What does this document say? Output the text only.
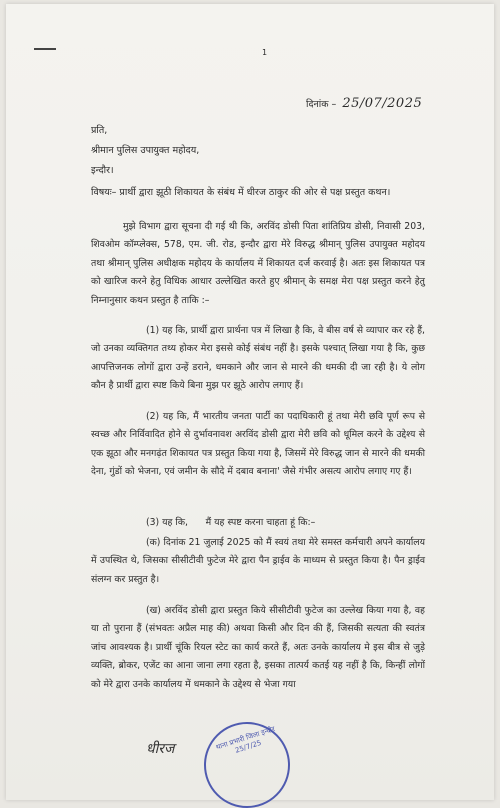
1
दिनांक – 25/07/2025
प्रति,
श्रीमान पुलिस उपायुक्त महोदय,
इन्दौर।
विषयः– प्रार्थी द्वारा झूठी शिकायत के संबंध में धीरज ठाकुर की ओर से पक्ष प्रस्तुत कथन।
मुझे विभाग द्वारा सूचना दी गई थी कि, अरविंद डोसी पिता शांतिप्रिय डोसी, निवासी 203, शिवओम कॉम्प्लेक्स, 578, एम. जी. रोड, इन्दौर द्वारा मेरे विरुद्ध श्रीमान् पुलिस उपायुक्त महोदय तथा श्रीमान् पुलिस अधीक्षक महोदय के कार्यालय में शिकायत दर्ज करवाई है। अतः इस शिकायत पत्र को खारिज करने हेतु विधिक आधार उल्लेखित करते हुए श्रीमान् के समक्ष मेरा पक्ष प्रस्तुत करने हेतु निम्नानुसार कथन प्रस्तुत है ताकि :–
(1) यह कि, प्रार्थी द्वारा प्रार्थना पत्र में लिखा है कि, वे बीस वर्ष से व्यापार कर रहे हैं, जो उनका व्यक्तिगत तथ्य होकर मेरा इससे कोई संबंध नहीं है। इसके पश्चात् लिखा गया है कि, कुछ आपत्तिजनक लोगों द्वारा उन्हें डराने, धमकाने और जान से मारने की धमकी दी जा रही है। ये लोग कौन है प्रार्थी द्वारा स्पष्ट किये बिना मुझ पर झूठे आरोप लगाए हैं।
(2) यह कि, मैं भारतीय जनता पार्टी का पदाधिकारी हूं तथा मेरी छवि पूर्ण रूप से स्वच्छ और निर्विवादित होने से दुर्भावनावश अरविंद डोसी द्वारा मेरी छवि को धूमिल करने के उद्देश्य से एक झूठा और मनगढ़ंत शिकायत पत्र प्रस्तुत किया गया है, जिसमें मेरे विरुद्ध जान से मारने की धमकी देना, गुंडों को भेजना, एवं जमीन के सौदे में दबाव बनाना' जैसे गंभीर असत्य आरोप लगाए गए हैं।
(3) यह कि,      मैं यह स्पष्ट करना चाहता हूं कि:–
(क) दिनांक 21 जुलाई 2025 को मैं स्वयं तथा मेरे समस्त कर्मचारी अपने कार्यालय में उपस्थित थे, जिसका सीसीटीवी फुटेज मेरे द्वारा पैन ड्राईव के माध्यम से प्रस्तुत किया है। पैन ड्राईव संलग्न कर प्रस्तुत है।
(ख) अरविंद डोसी द्वारा प्रस्तुत किये सीसीटीवी फुटेज का उल्लेख किया गया है, वह या तो पुराना हैं (संभवतः अप्रैल माह की) अथवा किसी और दिन की हैं, जिसकी सत्यता की स्वतंत्र जांच आवश्यक है। प्रार्थी चूंकि रियल स्टेट का कार्य करते हैं, अतः उनके कार्यालय मे इस बीत्र से जुड़े व्यक्ति, ब्रोकर, एजेंट का आना जाना लगा रहता है, इसका तात्पर्य कतई यह नहीं है कि, किन्हीं लोगों को मेरे द्वारा उनके कार्यालय में धमकाने के उद्देश्य से भेजा गया
धीरज	थाना प्रभारी जिला इन्दौर 25/7/25
